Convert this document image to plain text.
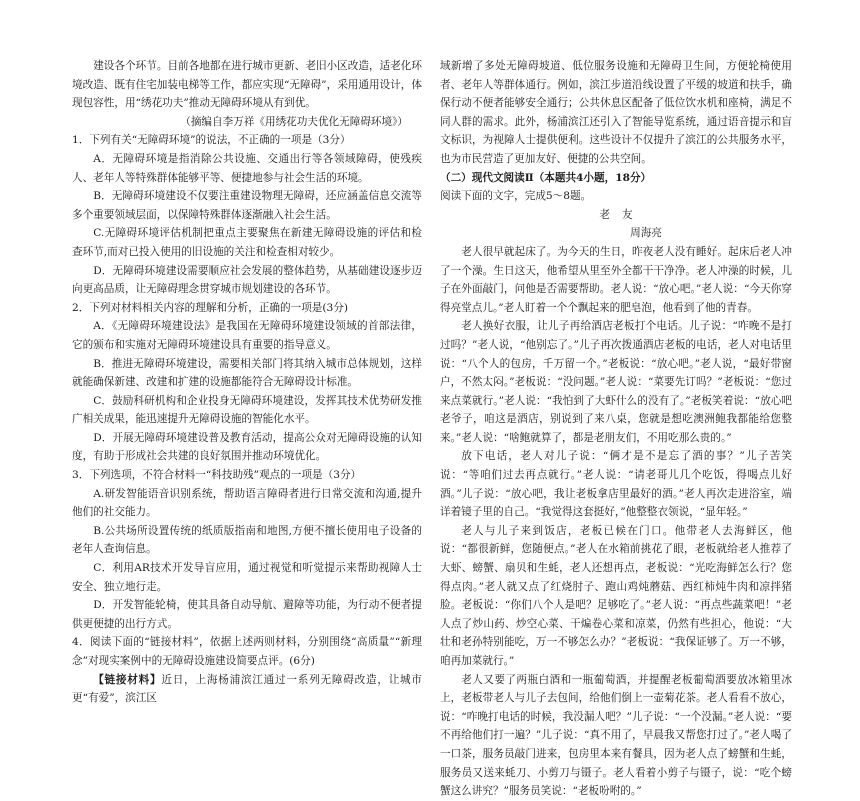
建设各个环节。目前各地都在进行城市更新、老旧小区改造，适老化环境改造、既有住宅加装电梯等工作，都应实现“无障碍”，采用通用设计，体现包容性，用“绣花功夫”推动无障碍环境从有到优。

（摘编自李万祥《用绣花功夫优化无障碍环境》）

1．下列有关“无障碍环境”的说法，不正确的一项是（3分）

A．无障碍环境是指消除公共设施、交通出行等各领域障碍，使残疾人、老年人等特殊群体能够平等、便捷地参与社会生活的环境。

B．无障碍环境建设不仅要注重建设物理无障碍，还应涵盖信息交流等多个重要领域层面，以保障特殊群体逐渐融入社会生活。

C.无障碍环境评估机制把重点主要聚焦在新建无障碍设施的评估和检查环节,而对已投入使用的旧设施的关注和检查相对较少。

D．无障碍环境建设需要顺应社会发展的整体趋势，从基础建设逐步迈向更高品质，让无障碍理念贯穿城市规划建设的各环节。

2．下列对材料相关内容的理解和分析，正确的一项是(3分)

A．《无障碍环境建设法》是我国在无障碍环境建设领域的首部法律，它的颁布和实施对无障碍环境建设具有重要的指导意义。

B．推进无障碍环境建设，需要相关部门将其纳入城市总体规划，这样就能确保新建、改建和扩建的设施都能符合无障碍设计标准。

C．鼓励科研机构和企业投身无障碍环境建设，发挥其技术优势研发推广相关成果，能迅速提升无障碍设施的智能化水平。

D．开展无障碍环境建设普及教育活动，提高公众对无障碍设施的认知度，有助于形成社会共建的良好氛围并推动环境优化。

3．下列选项，不符合材料一“科技助残”观点的一项是（3分）

A.研发智能语音识别系统，帮助语言障碍者进行日常交流和沟通,提升他们的社交能力。

B.公共场所设置传统的纸质版指南和地图,方便不擅长使用电子设备的老年人查询信息。

C．利用AR技术开发导盲应用，通过视觉和听觉提示来帮助视障人士安全、独立地行走。

D．开发智能轮椅，使其具备自动导航、避障等功能，为行动不便者提供更便捷的出行方式。

4．阅读下面的“链接材料”，依据上述两则材料，分别围绕“高质量”“新理念”对现实案例中的无障碍设施建设简要点评。(6分)

【链接材料】近日，上海杨浦滨江通过一系列无障碍改造，让城市更“有爱”，滨江区

域新增了多处无障碍坡道、低位服务设施和无障碍卫生间，方便轮椅使用者、老年人等群体通行。例如，滨江步道沿线设置了平缓的坡道和扶手，确保行动不便者能够安全通行；公共休息区配备了低位饮水机和座椅，满足不同人群的需求。此外，杨浦滨江还引入了智能导览系统，通过语音提示和盲文标识，为视障人士提供便利。这些设计不仅提升了滨江的公共服务水平，也为市民营造了更加友好、便捷的公共空间。

（二）现代文阅读Ⅱ（本题共4小题，18分）

阅读下面的文字，完成5～8题。

老友

周海亮

老人很早就起床了。为今天的生日，昨夜老人没有睡好。起床后老人冲了一个澡。生日这天，他希望从里至外全都干干净净。老人冲澡的时候，儿子在外面敲门，问他是否需要帮助。老人说：“放心吧。”老人说：“今天你穿得亮堂点儿。”老人盯着一个个飘起来的肥皂泡，他看到了他的青春。

老人换好衣服，让儿子再给酒店老板打个电话。儿子说：“咋晚不是打过吗？”老人说，“他别忘了。”儿子再次拨通酒店老板的电话，老人对电话里说：“八个人的包房，千万留一个。”老板说：“放心吧。”老人说，“最好带窗户，不然太闷。”老板说：“没问题。”老人说：“菜要先订吗？”老板说：“您过来点菜就行。”老人说：“我怕到了大虾什么的没有了。”老板笑着说：“放心吧老爷子，咱这是酒店，别说到了来八桌，您就是想吃澳洲鲍我都能给您整来。”老人说：“啥鲍就算了，都是老朋友们，不用吃那么贵的。”

放下电话，老人对儿子说：“俩才是不是忘了酒的事？”儿子苦笑说：“等咱们过去再点就行。”老人说：“请老哥儿几个吃饭，得喝点儿好酒。”儿子说：“放心吧，我让老板拿店里最好的酒。”老人再次走进浴室，端详着镜子里的自己。“我觉得这套挺好，”他整整衣领说，“显年轻。”

老人与儿子来到饭店，老板已候在门口。他带老人去海鲜区，他说：“都很新鲜，您随便点。”老人在水箱前挑花了眼，老板就给老人推荐了大虾、螃蟹、扇贝和生蚝，老人还想再点，老板说：“光吃海鲜怎么行？您得点肉。”老人就又点了红烧肘子、跑山鸡炖蘑菇、西红柿炖牛肉和凉拌猪脸。老板说：“你们八个人是吧？足够吃了。”老人说：“再点些蔬菜吧！”老人点了炒山药、炒空心菜、干煸卷心菜和凉菜，仍然有些担心，他说：“大壮和老孙特别能吃，万一不够怎么办？”老板说：“我保证够了。万一不够，咱再加菜就行。”

老人又要了两瓶白酒和一瓶葡萄酒，并提醒老板葡萄酒要放冰箱里冰上，老板带老人与儿子去包间，给他们倒上一壶菊花茶。老人看看不放心，说：“咋晚打电话的时候，我没漏人吧？”儿子说：“一个没漏。”老人说：“要不再给他们打一遍？”儿子说：“真不用了，早晨我又帮您打过了。”老人喝了一口茶，服务员敲门进来，包房里本来有餐具，因为老人点了螃蟹和生蚝，服务员又送来蚝刀、小剪刀与镊子。老人看着小剪子与镊子，说：“吃个螃蟹这么讲究？”服务员笑说：“老板吩咐的。”
